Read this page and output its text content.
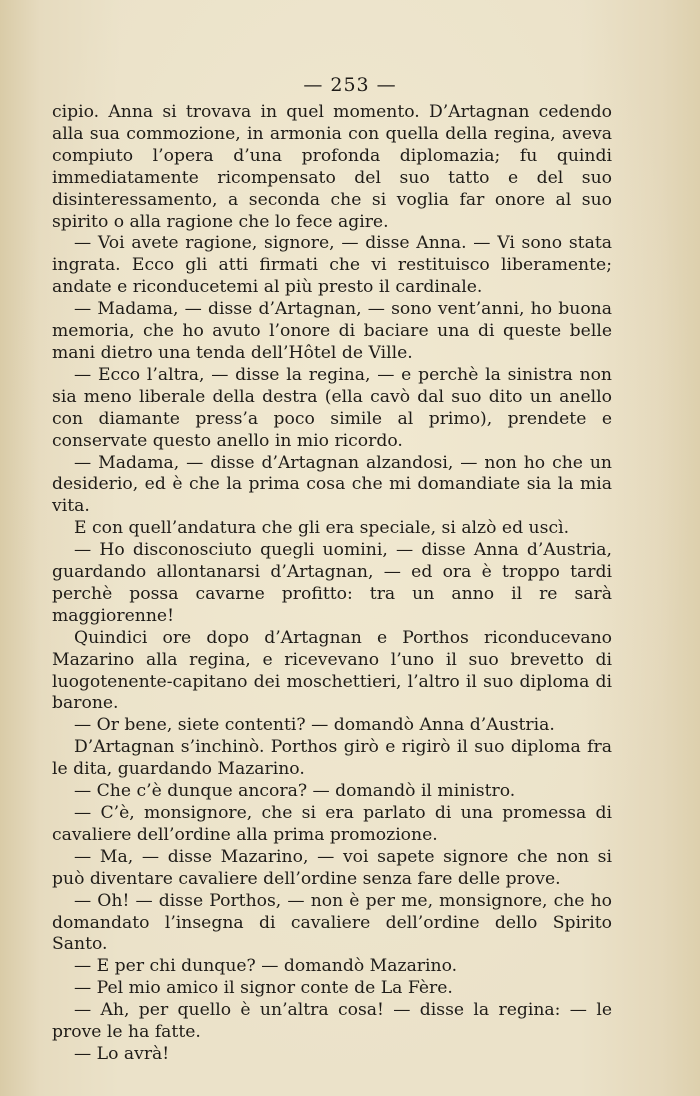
— 253 —

cipio. Anna si trovava in quel momento. D’Artagnan cedendo alla sua commozione, in armonia con quella della regina, aveva compiuto l’opera d’una profonda diplomazia; fu quindi immediatamente ricompensato del suo tatto e del suo disinteressamento, a seconda che si voglia far onore al suo spirito o alla ragione che lo fece agire.

— Voi avete ragione, signore, — disse Anna. — Vi sono stata ingrata. Ecco gli atti firmati che vi restituisco liberamente; andate e riconducetemi al più presto il cardinale.

— Madama, — disse d’Artagnan, — sono vent’anni, ho buona memoria, che ho avuto l’onore di baciare una di queste belle mani dietro una tenda dell’Hôtel de Ville.

— Ecco l’altra, — disse la regina, — e perchè la sinistra non sia meno liberale della destra (ella cavò dal suo dito un anello con diamante press’a poco simile al primo), prendete e conservate questo anello in mio ricordo.

— Madama, — disse d’Artagnan alzandosi, — non ho che un desiderio, ed è che la prima cosa che mi domandiate sia la mia vita.

E con quell’andatura che gli era speciale, si alzò ed uscì.

— Ho disconosciuto quegli uomini, — disse Anna d’Austria, guardando allontanarsi d’Artagnan, — ed ora è troppo tardi perchè possa cavarne profitto: tra un anno il re sarà maggiorenne!

Quindici ore dopo d’Artagnan e Porthos riconducevano Mazarino alla regina, e ricevevano l’uno il suo brevetto di luogotenente-capitano dei moschettieri, l’altro il suo diploma di barone.

— Or bene, siete contenti? — domandò Anna d’Austria.

D’Artagnan s’inchinò. Porthos girò e rigirò il suo diploma fra le dita, guardando Mazarino.

— Che c’è dunque ancora? — domandò il ministro.

— C’è, monsignore, che si era parlato di una promessa di cavaliere dell’ordine alla prima promozione.

— Ma, — disse Mazarino, — voi sapete signore che non si può diventare cavaliere dell’ordine senza fare delle prove.

— Oh! — disse Porthos, — non è per me, monsignore, che ho domandato l’insegna di cavaliere dell’ordine dello Spirito Santo.

— E per chi dunque? — domandò Mazarino.

— Pel mio amico il signor conte de La Fère.

— Ah, per quello è un’altra cosa! — disse la regina: — le prove le ha fatte.

— Lo avrà!
